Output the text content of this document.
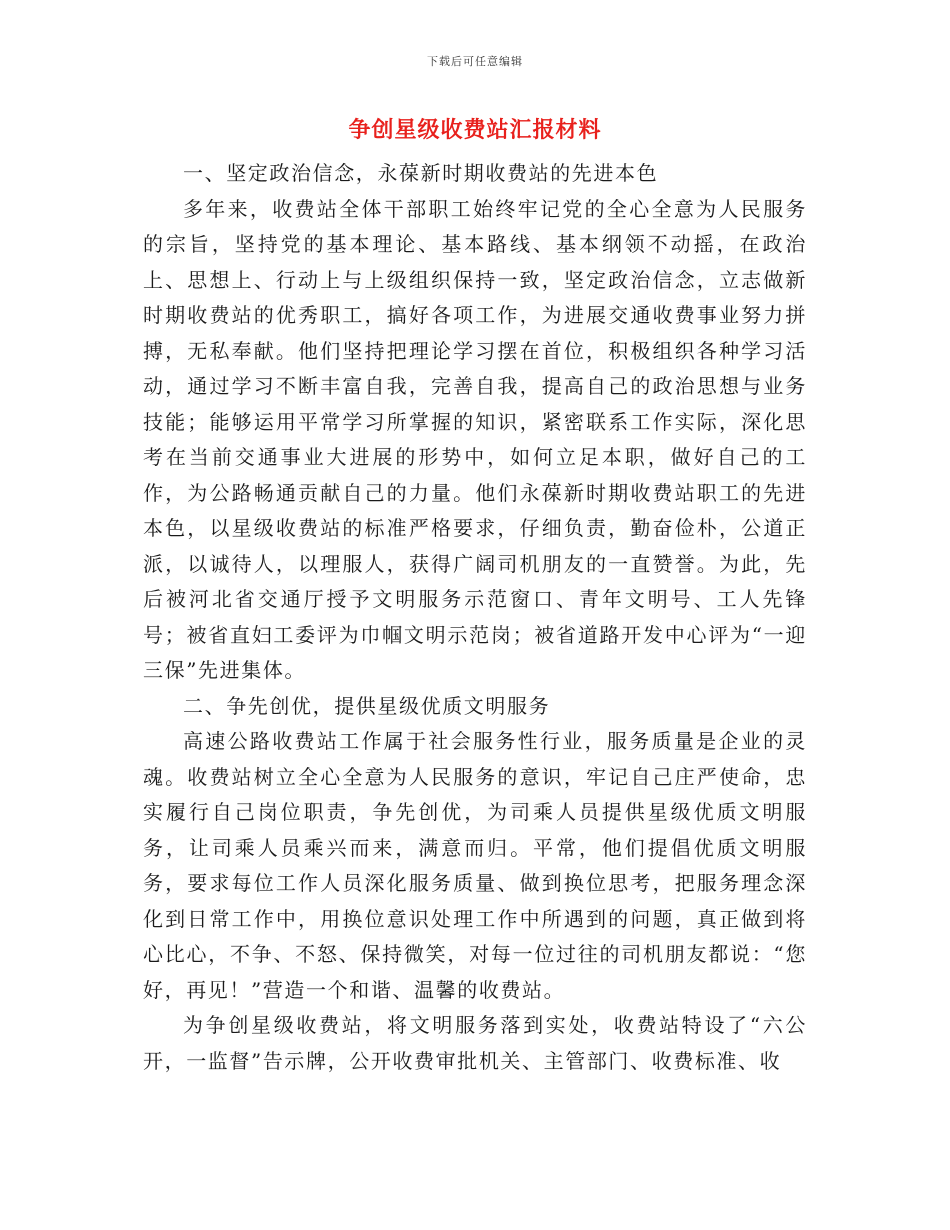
下载后可任意编辑
争创星级收费站汇报材料

一、坚定政治信念，永葆新时期收费站的先进本色

多年来，收费站全体干部职工始终牢记党的全心全意为人民服务的宗旨，坚持党的基本理论、基本路线、基本纲领不动摇，在政治上、思想上、行动上与上级组织保持一致，坚定政治信念，立志做新时期收费站的优秀职工，搞好各项工作，为进展交通收费事业努力拼搏，无私奉献。他们坚持把理论学习摆在首位，积极组织各种学习活动，通过学习不断丰富自我，完善自我，提高自己的政治思想与业务技能；能够运用平常学习所掌握的知识，紧密联系工作实际，深化思考在当前交通事业大进展的形势中，如何立足本职，做好自己的工作，为公路畅通贡献自己的力量。他们永葆新时期收费站职工的先进本色，以星级收费站的标准严格要求，仔细负责，勤奋俭朴，公道正派，以诚待人，以理服人，获得广阔司机朋友的一直赞誉。为此，先后被河北省交通厅授予文明服务示范窗口、青年文明号、工人先锋号；被省直妇工委评为巾帼文明示范岗；被省道路开发中心评为“一迎三保”先进集体。

二、争先创优，提供星级优质文明服务

高速公路收费站工作属于社会服务性行业，服务质量是企业的灵魂。收费站树立全心全意为人民服务的意识，牢记自己庄严使命，忠实履行自己岗位职责，争先创优，为司乘人员提供星级优质文明服务，让司乘人员乘兴而来，满意而归。平常，他们提倡优质文明服务，要求每位工作人员深化服务质量、做到换位思考，把服务理念深化到日常工作中，用换位意识处理工作中所遇到的问题，真正做到将心比心，不争、不怒、保持微笑，对每一位过往的司机朋友都说：“您好，再见！”营造一个和谐、温馨的收费站。

为争创星级收费站，将文明服务落到实处，收费站特设了“六公开，一监督”告示牌，公开收费审批机关、主管部门、收费标准、收
